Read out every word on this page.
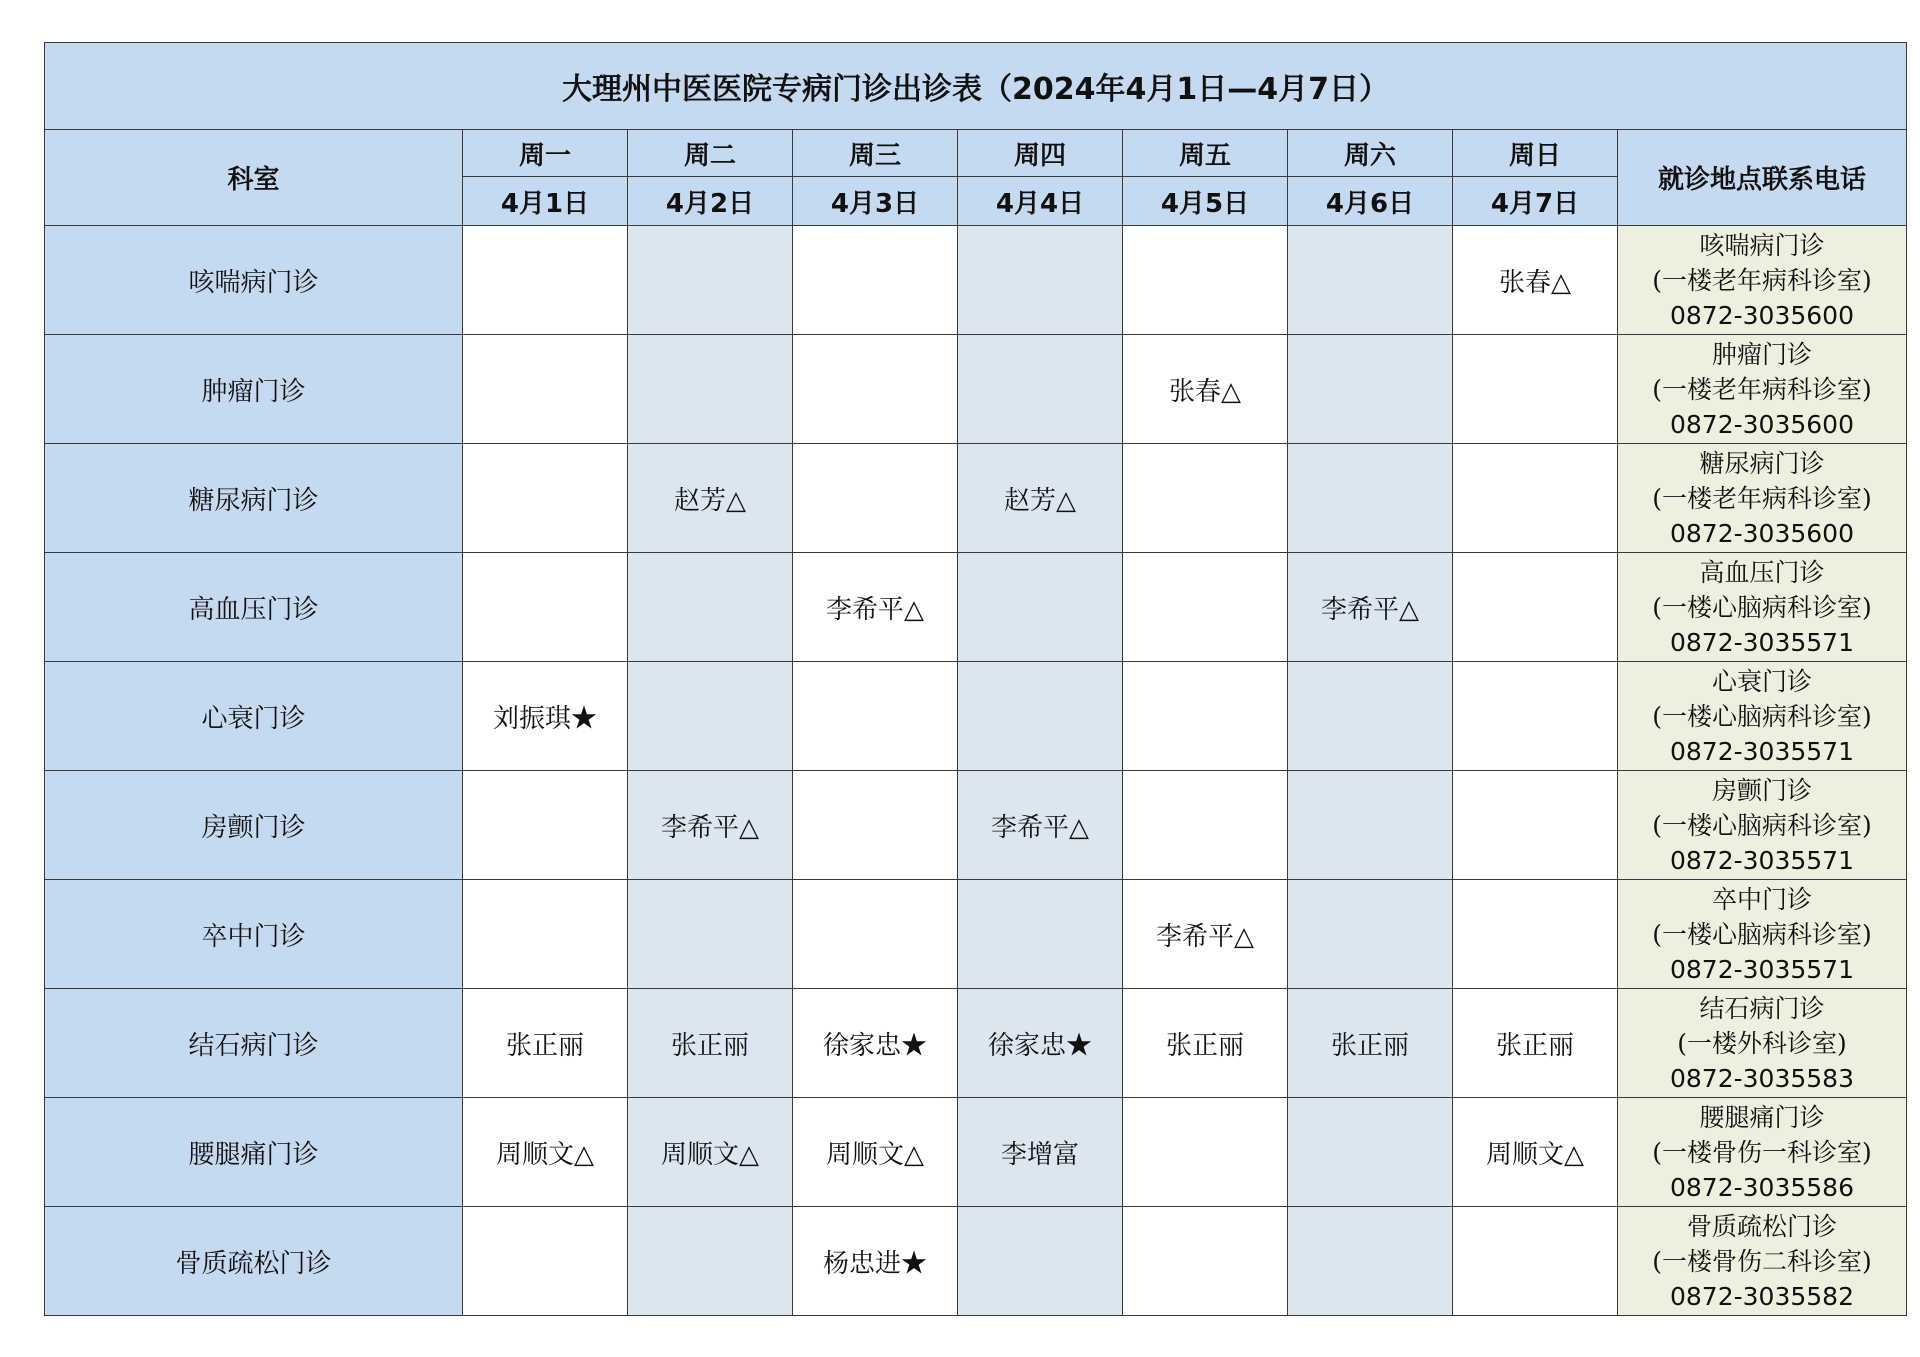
大理州中医医院专病门诊出诊表（2024年4月1日—4月7日）								
科室	周一	周二	周三	周四	周五	周六	周日	就诊地点联系电话
	4月1日	4月2日	4月3日	4月4日	4月5日	4月6日	4月7日	
咳喘病门诊							张春△	咳喘病门诊
(一楼老年病科诊室)
0872-3035600

肿瘤门诊					张春△			肿瘤门诊
(一楼老年病科诊室)
0872-3035600

糖尿病门诊		赵芳△		赵芳△				糖尿病门诊
(一楼老年病科诊室)
0872-3035600

高血压门诊			李希平△			李希平△		高血压门诊
(一楼心脑病科诊室)
0872-3035571

心衰门诊	刘振琪★							心衰门诊
(一楼心脑病科诊室)
0872-3035571

房颤门诊		李希平△		李希平△				房颤门诊
(一楼心脑病科诊室)
0872-3035571

卒中门诊					李希平△			卒中门诊
(一楼心脑病科诊室)
0872-3035571

结石病门诊	张正丽	张正丽	徐家忠★	徐家忠★	张正丽	张正丽	张正丽	结石病门诊
(一楼外科诊室)
0872-3035583

腰腿痛门诊	周顺文△	周顺文△	周顺文△	李增富			周顺文△	腰腿痛门诊
(一楼骨伤一科诊室)
0872-3035586

骨质疏松门诊			杨忠进★					骨质疏松门诊
(一楼骨伤二科诊室)
0872-3035582
